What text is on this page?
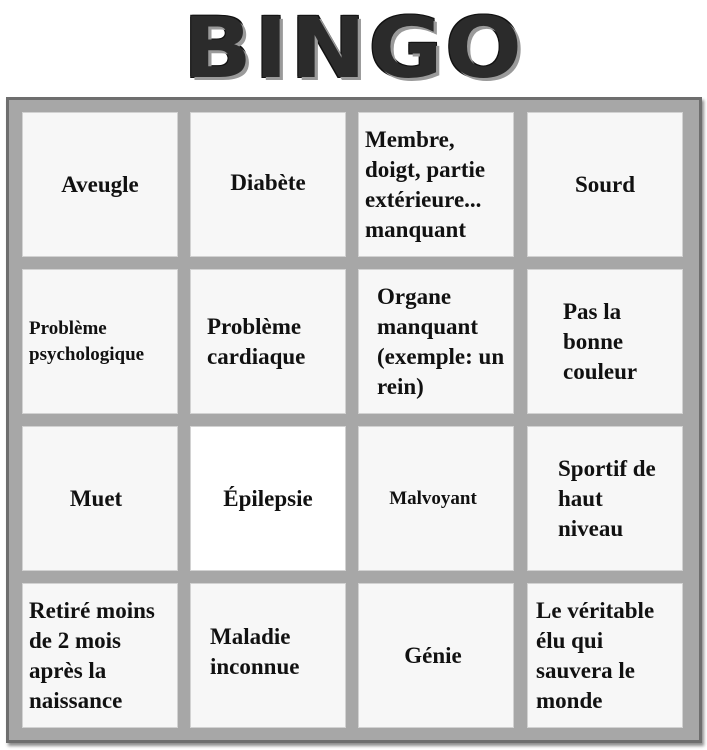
BINGO
Aveugle	Diabète
Membre, doigt, partie extérieure... manquant
Sourd
Problème psychologique
Problème cardiaque
Organe manquant (exemple: un rein)
Pas la bonne couleur
Muet	Épilepsie	Malvoyant
Sportif de haut niveau
Retiré moins de 2 mois après la naissance
Maladie inconnue	Génie
Le véritable élu qui sauvera le monde
